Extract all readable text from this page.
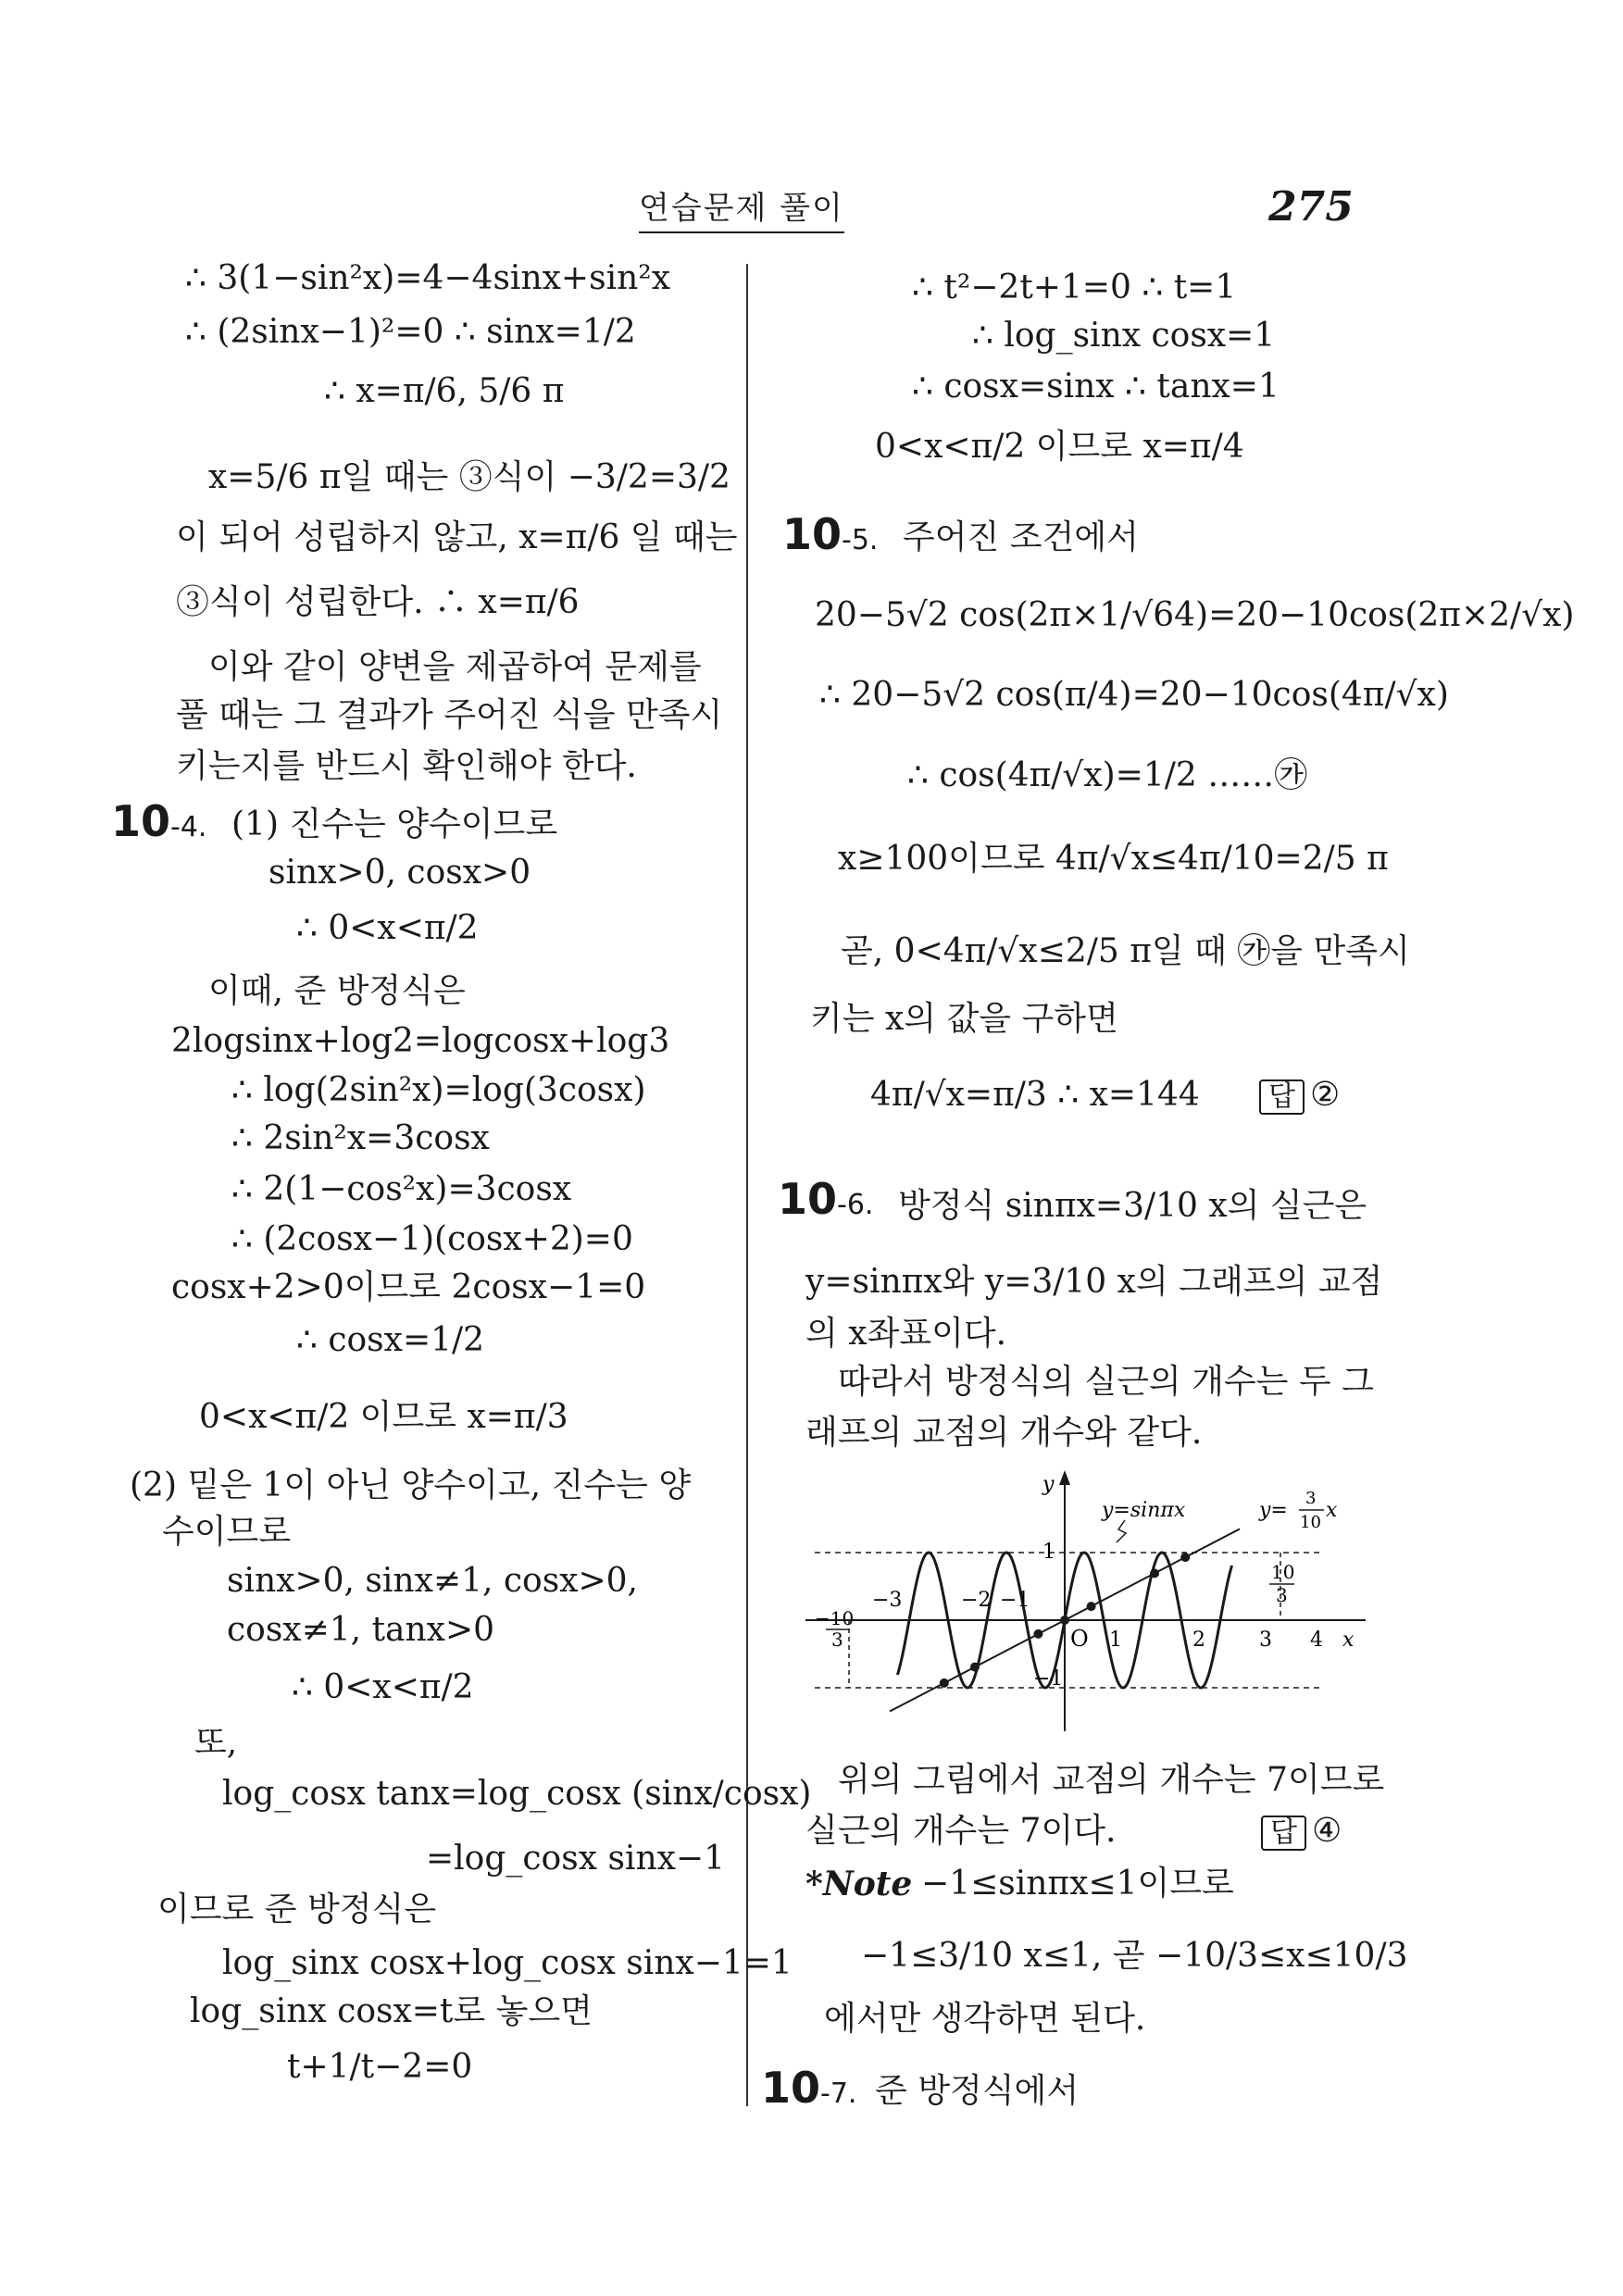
연습문제 풀이	275
∴ 3(1−sin²x)=4−4sinx+sin²x
∴ (2sinx−1)²=0 ∴ sinx=1/2
∴ x=π/6, 5/6 π
x=5/6 π일 때는 ③식이 −3/2=3/2
이 되어 성립하지 않고, x=π/6 일 때는
③식이 성립한다. ∴ x=π/6
이와 같이 양변을 제곱하여 문제를
풀 때는 그 결과가 주어진 식을 만족시
키는지를 반드시 확인해야 한다.
10-4. (1) 진수는 양수이므로
sinx>0, cosx>0
∴ 0<x<π/2
이때, 준 방정식은
2logsinx+log2=logcosx+log3
∴ log(2sin²x)=log(3cosx)
∴ 2sin²x=3cosx
∴ 2(1−cos²x)=3cosx
∴ (2cosx−1)(cosx+2)=0
cosx+2>0이므로 2cosx−1=0
∴ cosx=1/2
0<x<π/2 이므로 x=π/3
(2) 밑은 1이 아닌 양수이고, 진수는 양
수이므로
sinx>0, sinx≠1, cosx>0,
cosx≠1, tanx>0
∴ 0<x<π/2
또,
log_cosx tanx=log_cosx (sinx/cosx)
=log_cosx sinx−1
이므로 준 방정식은
log_sinx cosx+log_cosx sinx−1=1
log_sinx cosx=t로 놓으면
t+1/t−2=0
∴ t²−2t+1=0 ∴ t=1
∴ log_sinx cosx=1
∴ cosx=sinx ∴ tanx=1
0<x<π/2 이므로 x=π/4
10-5. 주어진 조건에서
20−5√2 cos(2π×1/√64)=20−10cos(2π×2/√x)
∴ 20−5√2 cos(π/4)=20−10cos(4π/√x)
∴ cos(4π/√x)=1/2 ……㉮
x≥100이므로 4π/√x≤4π/10=2/5 π
곧, 0<4π/√x≤2/5 π일 때 ㉮을 만족시
키는 x의 값을 구하면
4π/√x=π/3 ∴ x=144	답 ②
10-6. 방정식 sinπx=3/10 x의 실근은
y=sinπx와 y=3/10 x의 그래프의 교점
의 x좌표이다.
따라서 방정식의 실근의 개수는 두 그
래프의 교점의 개수와 같다.
y
x
O
1
−1
−3	−2 −1
1	2	3 4
10
3
−10
3
y=sinπx	y=
3
10
x
위의 그림에서 교점의 개수는 7이므로
실근의 개수는 7이다.	답 ④
*Note −1≤sinπx≤1이므로
−1≤3/10 x≤1, 곧 −10/3≤x≤10/3
에서만 생각하면 된다.
10-7. 준 방정식에서
